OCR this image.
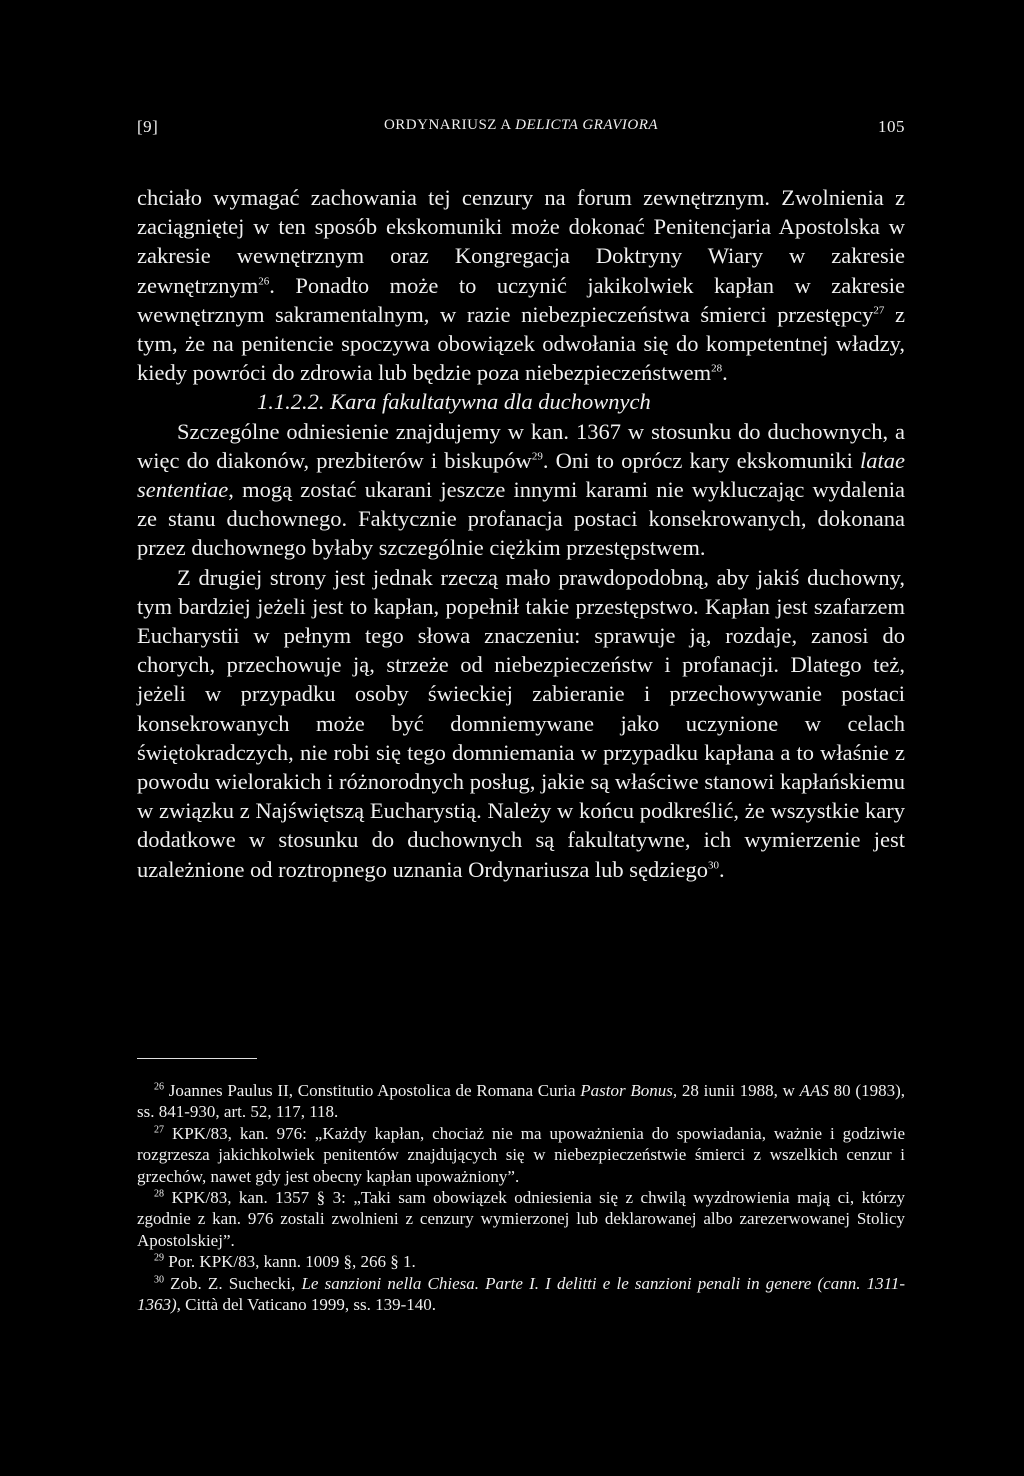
[9]	ORDYNARIUSZ A DELICTA GRAVIORA	105

chciało wymagać zachowania tej cenzury na forum zewnętrznym. Zwolnienia z zaciągniętej w ten sposób ekskomuniki może dokonać Penitencjaria Apostolska w zakresie wewnętrznym oraz Kongregacja Doktryny Wiary w zakresie zewnętrznym$^{26}$. Ponadto może to uczynić jakikolwiek kapłan w zakresie wewnętrznym sakramentalnym, w razie niebezpieczeństwa śmierci przestępcy$^{27}$ z tym, że na penitencie spoczywa obowiązek odwołania się do kompetentnej władzy, kiedy powróci do zdrowia lub będzie poza niebezpieczeństwem$^{28}$.

1.1.2.2. Kara fakultatywna dla duchownych

Szczególne odniesienie znajdujemy w kan. 1367 w stosunku do duchownych, a więc do diakonów, prezbiterów i biskupów$^{29}$. Oni to oprócz kary ekskomuniki latae sententiae, mogą zostać ukarani jeszcze innymi karami nie wykluczając wydalenia ze stanu duchownego. Faktycznie profanacja postaci konsekrowanych, dokonana przez duchownego byłaby szczególnie ciężkim przestępstwem.

Z drugiej strony jest jednak rzeczą mało prawdopodobną, aby jakiś duchowny, tym bardziej jeżeli jest to kapłan, popełnił takie przestępstwo. Kapłan jest szafarzem Eucharystii w pełnym tego słowa znaczeniu: sprawuje ją, rozdaje, zanosi do chorych, przechowuje ją, strzeże od niebezpieczeństw i profanacji. Dlatego też, jeżeli w przypadku osoby świeckiej zabieranie i przechowywanie postaci konsekrowanych może być domniemywane jako uczynione w celach świętokradczych, nie robi się tego domniemania w przypadku kapłana a to właśnie z powodu wielorakich i różnorodnych posług, jakie są właściwe stanowi kapłańskiemu w związku z Najświętszą Eucharystią. Należy w końcu podkreślić, że wszystkie kary dodatkowe w stosunku do duchownych są fakultatywne, ich wymierzenie jest uzależnione od roztropnego uznania Ordynariusza lub sędziego$^{30}$.

$^{26}$ Joannes Paulus II, Constitutio Apostolica de Romana Curia Pastor Bonus, 28 iunii 1988, w AAS 80 (1983), ss. 841-930, art. 52, 117, 118.

$^{27}$ KPK/83, kan. 976: „Każdy kapłan, chociaż nie ma upoważnienia do spowiadania, ważnie i godziwie rozgrzesza jakichkolwiek penitentów znajdujących się w niebezpieczeństwie śmierci z wszelkich cenzur i grzechów, nawet gdy jest obecny kapłan upoważniony”.

$^{28}$ KPK/83, kan. 1357 § 3: „Taki sam obowiązek odniesienia się z chwilą wyzdrowienia mają ci, którzy zgodnie z kan. 976 zostali zwolnieni z cenzury wymierzonej lub deklarowanej albo zarezerwowanej Stolicy Apostolskiej”.

$^{29}$ Por. KPK/83, kann. 1009 §, 266 § 1.

$^{30}$ Zob. Z. Suchecki, Le sanzioni nella Chiesa. Parte I. I delitti e le sanzioni penali in genere (cann. 1311-1363), Città del Vaticano 1999, ss. 139-140.
